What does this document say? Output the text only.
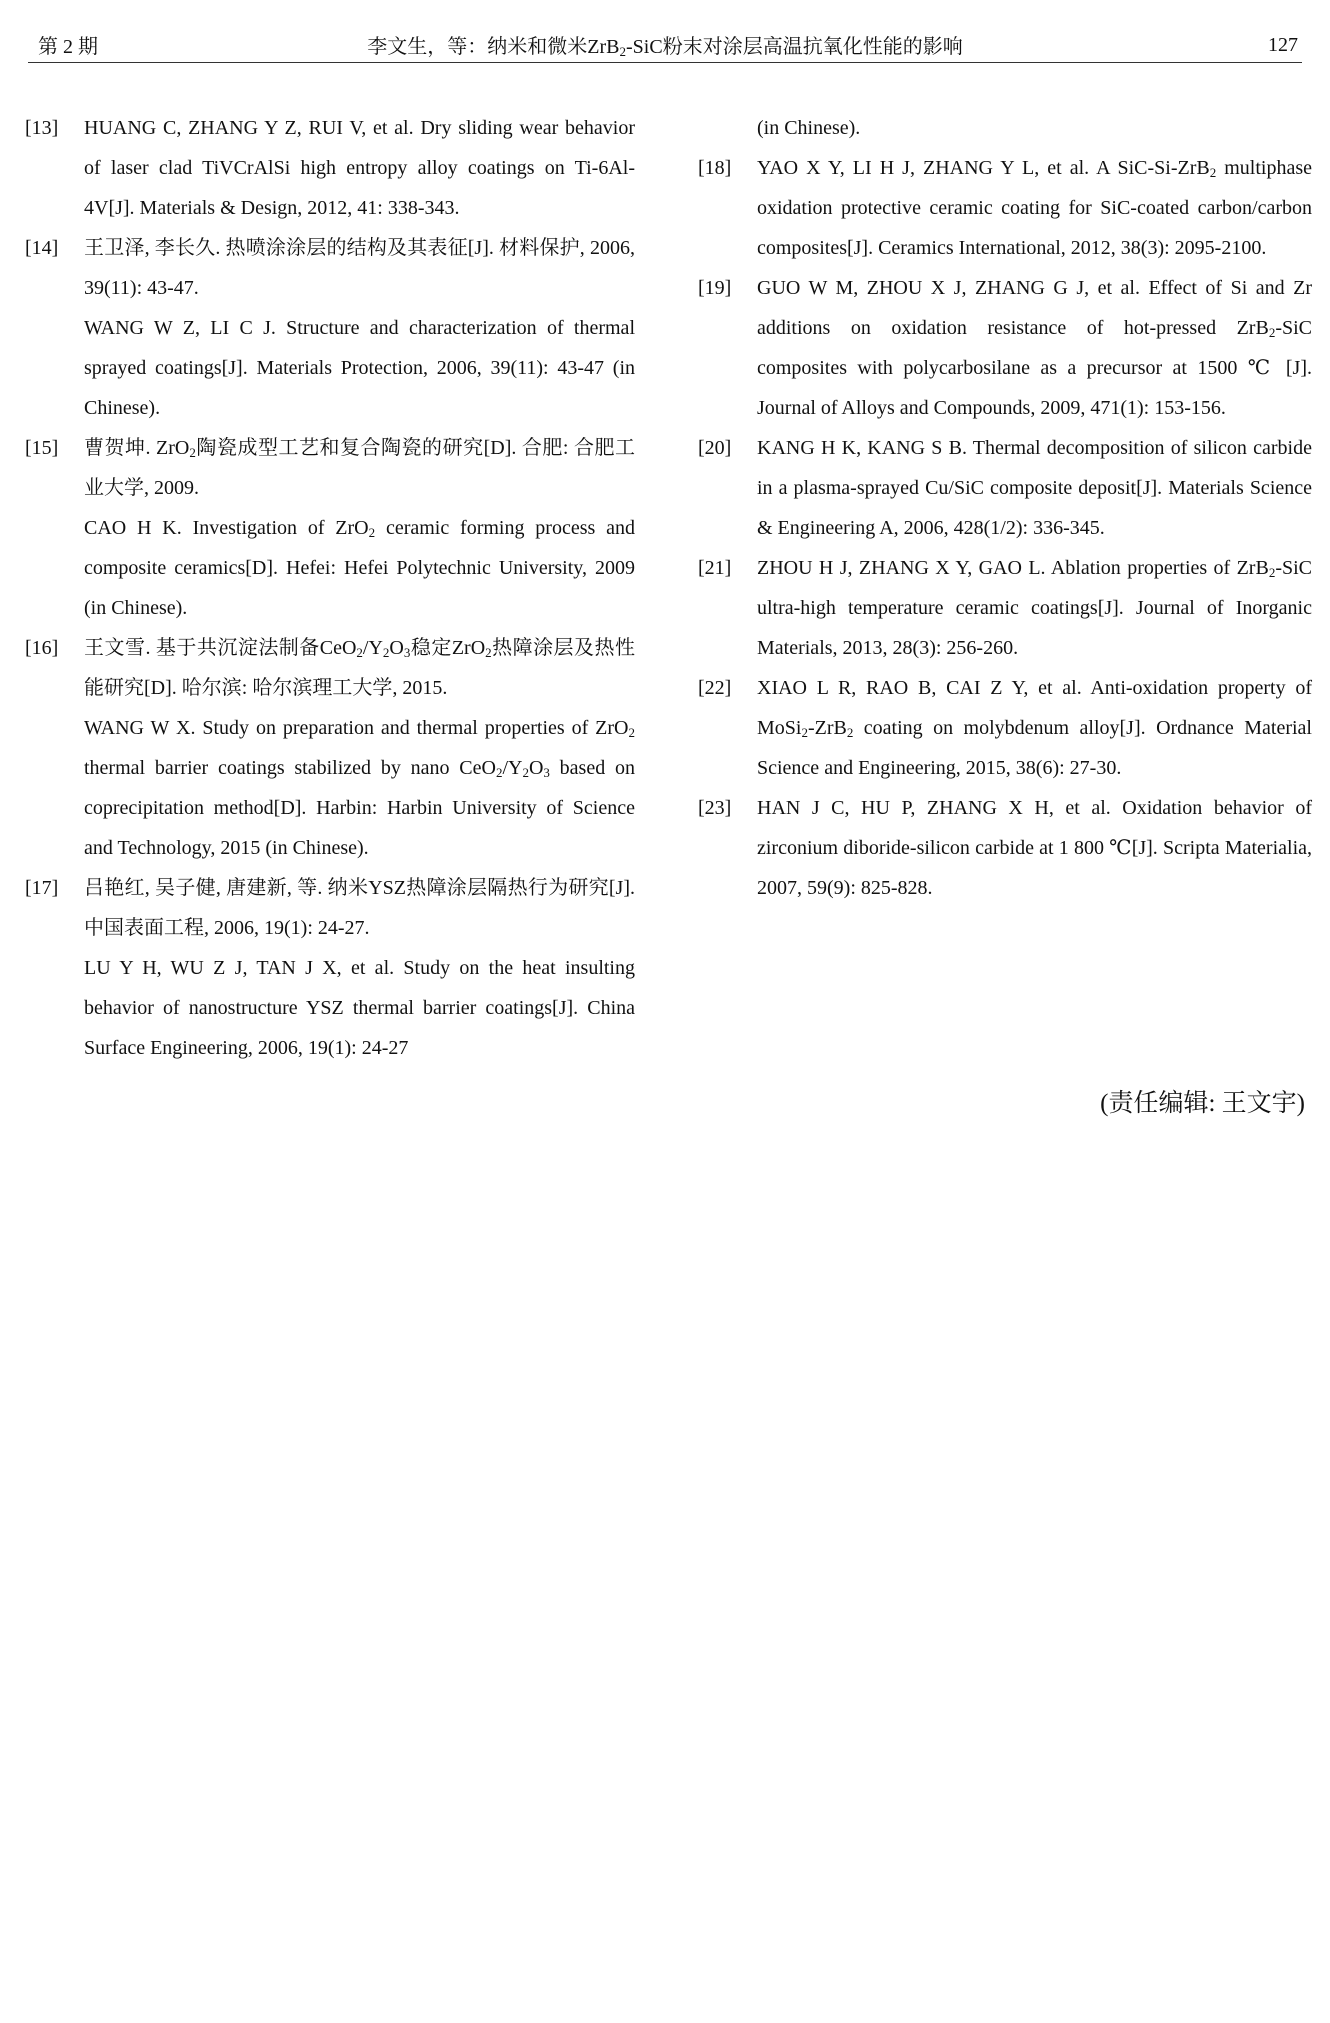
第 2 期	李文生，等：纳米和微米ZrB$_2$-SiC粉末对涂层高温抗氧化性能的影响	127
[13] HUANG C, ZHANG Y Z, RUI V, et al. Dry sliding wear behavior of laser clad TiVCrAlSi high entropy alloy coatings on Ti-6Al-4V[J]. Materials & Design, 2012, 41: 338-343.

[14] 王卫泽, 李长久. 热喷涂涂层的结构及其表征[J]. 材料保护, 2006, 39(11): 43-47.

WANG W Z, LI C J. Structure and characterization of thermal sprayed coatings[J]. Materials Protection, 2006, 39(11): 43-47 (in Chinese).

[15] 曹贺坤. ZrO$_2$陶瓷成型工艺和复合陶瓷的研究[D]. 合肥: 合肥工业大学, 2009.

CAO H K. Investigation of ZrO$_2$ ceramic forming process and composite ceramics[D]. Hefei: Hefei Polytechnic University, 2009 (in Chinese).

[16] 王文雪. 基于共沉淀法制备$CeO_2/Y_2O_3$稳定ZrO$_2$热障涂层及热性能研究[D]. 哈尔滨: 哈尔滨理工大学, 2015.

WANG W X. Study on preparation and thermal properties of ZrO$_2$ thermal barrier coatings stabilized by nano $CeO_2/Y_2O_3$ based on coprecipitation method[D]. Harbin: Harbin University of Science and Technology, 2015 (in Chinese).

[17] 吕艳红, 吴子健, 唐建新, 等. 纳米YSZ热障涂层隔热行为研究[J]. 中国表面工程, 2006, 19(1): 24-27.

LU Y H, WU Z J, TAN J X, et al. Study on the heat insulting behavior of nanostructure YSZ thermal barrier coatings[J]. China Surface Engineering, 2006, 19(1): 24-27

(in Chinese).

[18] YAO X Y, LI H J, ZHANG Y L, et al. A SiC-Si-ZrB$_2$ multiphase oxidation protective ceramic coating for SiC-coated carbon/carbon composites[J]. Ceramics International, 2012, 38(3): 2095-2100.

[19] GUO W M, ZHOU X J, ZHANG G J, et al. Effect of Si and Zr additions on oxidation resistance of hot-pressed ZrB$_2$-SiC composites with polycarbosilane as a precursor at 1500 ℃ [J]. Journal of Alloys and Compounds, 2009, 471(1): 153-156.

[20] KANG H K, KANG S B. Thermal decomposition of silicon carbide in a plasma-sprayed Cu/SiC composite deposit[J]. Materials Science & Engineering A, 2006, 428(1/2): 336-345.

[21] ZHOU H J, ZHANG X Y, GAO L. Ablation properties of ZrB$_2$-SiC ultra-high temperature ceramic coatings[J]. Journal of Inorganic Materials, 2013, 28(3): 256-260.

[22] XIAO L R, RAO B, CAI Z Y, et al. Anti-oxidation property of MoSi$_2$-ZrB$_2$ coating on molybdenum alloy[J]. Ordnance Material Science and Engineering, 2015, 38(6): 27-30.

[23] HAN J C, HU P, ZHANG X H, et al. Oxidation behavior of zirconium diboride-silicon carbide at 1 800 ℃[J]. Scripta Materialia, 2007, 59(9): 825-828.

(责任编辑: 王文宇)
